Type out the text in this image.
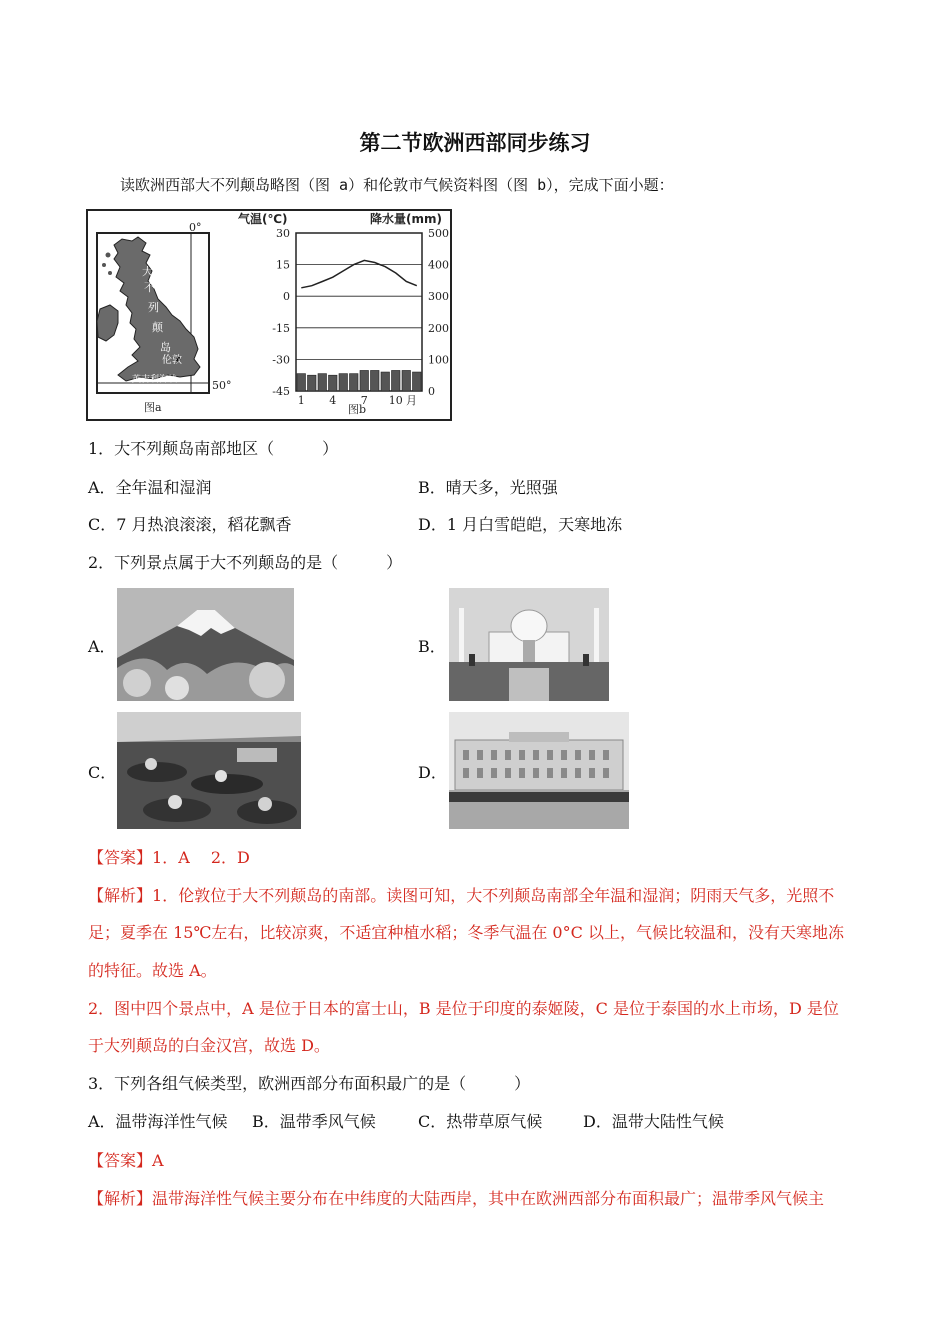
第二节欧洲西部同步练习
读欧洲西部大不列颠岛略图（图 a）和伦敦市气候资料图（图 b），完成下面小题：
0°
50°
大
不
列
颠
岛
伦敦
英吉利海峡
图a
气温(℃)	降水量(mm)
30
15
0
-15
-30
-45
500
400
300
200
100
0
1 4 7 10 月
图b
1．大不列颠岛南部地区（　　　）
A．全年温和湿润	B．晴天多，光照强
C．7 月热浪滚滚，稻花飘香	D．1 月白雪皑皑，天寒地冻
2．下列景点属于大不列颠岛的是（　　　）
A．	B．
C．	D．
【答案】1．A　 2．D
【解析】1．伦敦位于大不列颠岛的南部。读图可知，大不列颠岛南部全年温和湿润；阴雨天气多，光照不
足；夏季在 15℃左右，比较凉爽，不适宜种植水稻；冬季气温在 0°C 以上，气候比较温和，没有天寒地冻
的特征。故选 A。
2．图中四个景点中，A 是位于日本的富士山，B 是位于印度的泰姬陵，C 是位于泰国的水上市场，D 是位
于大列颠岛的白金汉宫，故选 D。
3．下列各组气候类型，欧洲西部分布面积最广的是（　　　）
A．温带海洋性气候 B．温带季风气候	C．热带草原气候	D．温带大陆性气候
【答案】A
【解析】温带海洋性气候主要分布在中纬度的大陆西岸，其中在欧洲西部分布面积最广；温带季风气候主
